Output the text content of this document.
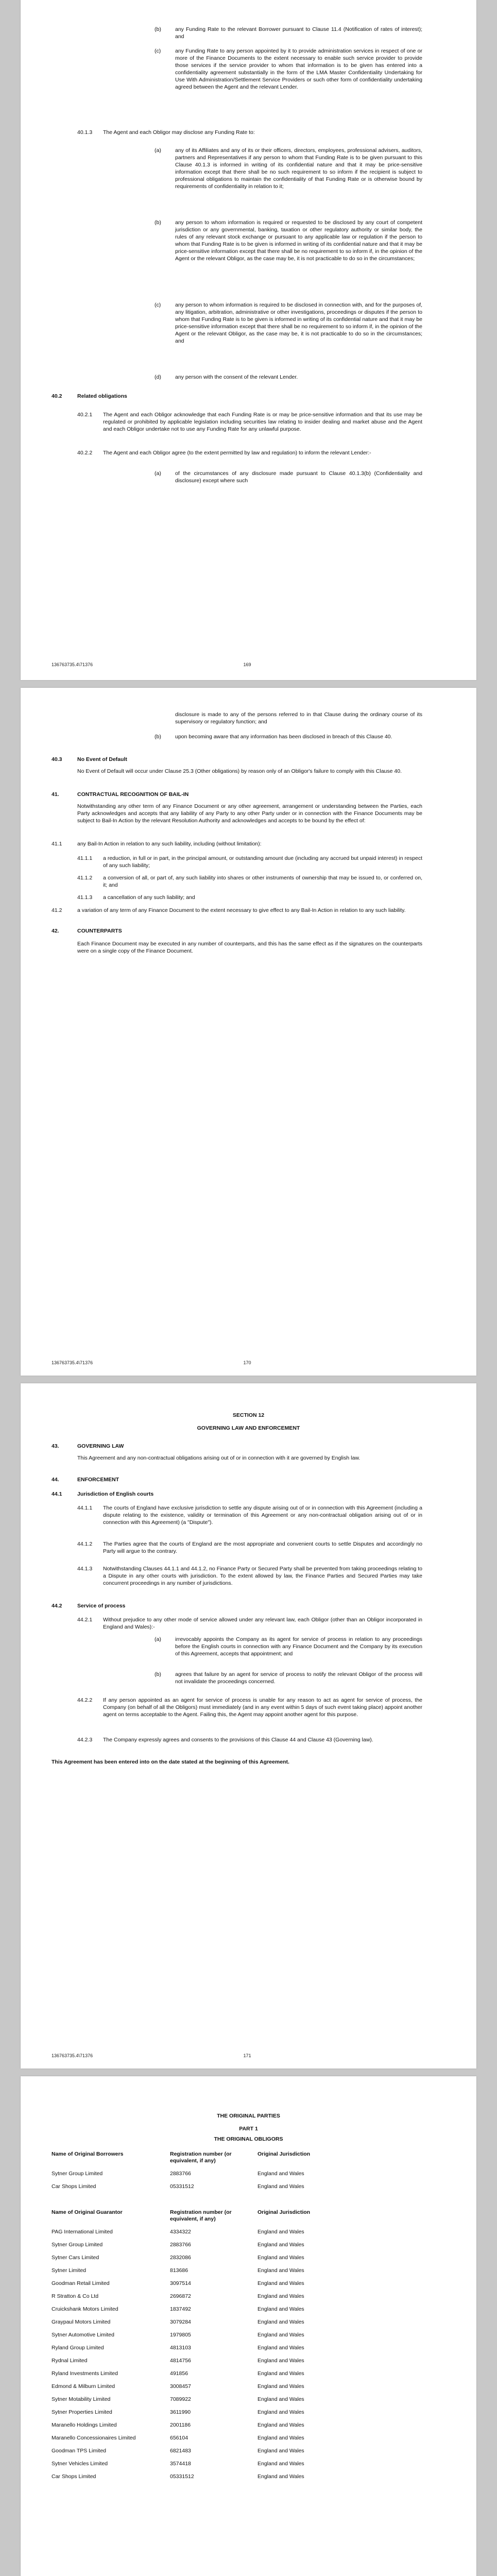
(b)	any Funding Rate to the relevant Borrower pursuant to Clause 11.4 (Notification of rates of interest); and
(c)	any Funding Rate to any person appointed by it to provide administration services in respect of one or more of the Finance Documents to the extent necessary to enable such service provider to provide those services if the service provider to whom that information is to be given has entered into a confidentiality agreement substantially in the form of the LMA Master Confidentiality Undertaking for Use With Administration/Settlement Service Providers or such other form of confidentiality undertaking agreed between the Agent and the relevant Lender.
40.1.3 The Agent and each Obligor may disclose any Funding Rate to:
(a)	any of its Affiliates and any of its or their officers, directors, employees, professional advisers, auditors, partners and Representatives if any person to whom that Funding Rate is to be given pursuant to this Clause 40.1.3 is informed in writing of its confidential nature and that it may be price-sensitive information except that there shall be no such requirement to so inform if the recipient is subject to professional obligations to maintain the confidentiality of that Funding Rate or is otherwise bound by requirements of confidentiality in relation to it;
(b)	any person to whom information is required or requested to be disclosed by any court of competent jurisdiction or any governmental, banking, taxation or other regulatory authority or similar body, the rules of any relevant stock exchange or pursuant to any applicable law or regulation if the person to whom that Funding Rate is to be given is informed in writing of its confidential nature and that it may be price-sensitive information except that there shall be no requirement to so inform if, in the opinion of the Agent or the relevant Obligor, as the case may be, it is not practicable to do so in the circumstances;
(c)	any person to whom information is required to be disclosed in connection with, and for the purposes of, any litigation, arbitration, administrative or other investigations, proceedings or disputes if the person to whom that Funding Rate is to be given is informed in writing of its confidential nature and that it may be price-sensitive information except that there shall be no requirement to so inform if, in the opinion of the Agent or the relevant Obligor, as the case may be, it is not practicable to do so in the circumstances; and
(d)	any person with the consent of the relevant Lender.
40.2	Related obligations
40.2.1 The Agent and each Obligor acknowledge that each Funding Rate is or may be price-sensitive information and that its use may be regulated or prohibited by applicable legislation including securities law relating to insider dealing and market abuse and the Agent and each Obligor undertake not to use any Funding Rate for any unlawful purpose.
40.2.2 The Agent and each Obligor agree (to the extent permitted by law and regulation) to inform the relevant Lender:-
(a)	of the circumstances of any disclosure made pursuant to Clause 40.1.3(b) (Confidentiality and disclosure) except where such
136763735.4\71376	169
disclosure is made to any of the persons referred to in that Clause during the ordinary course of its supervisory or regulatory function; and
(b)	upon becoming aware that any information has been disclosed in breach of this Clause 40.
40.3	No Event of Default
No Event of Default will occur under Clause 25.3 (Other obligations) by reason only of an Obligor's failure to comply with this Clause 40.
41.	CONTRACTUAL RECOGNITION OF BAIL-IN
Notwithstanding any other term of any Finance Document or any other agreement, arrangement or understanding between the Parties, each Party acknowledges and accepts that any liability of any Party to any other Party under or in connection with the Finance Documents may be subject to Bail-In Action by the relevant Resolution Authority and acknowledges and accepts to be bound by the effect of:
41.1	any Bail-In Action in relation to any such liability, including (without limitation):
41.1.1 a reduction, in full or in part, in the principal amount, or outstanding amount due (including any accrued but unpaid interest) in respect of any such liability;
41.1.2 a conversion of all, or part of, any such liability into shares or other instruments of ownership that may be issued to, or conferred on, it; and
41.1.3 a cancellation of any such liability; and
41.2	a variation of any term of any Finance Document to the extent necessary to give effect to any Bail-In Action in relation to any such liability.
42.	COUNTERPARTS
Each Finance Document may be executed in any number of counterparts, and this has the same effect as if the signatures on the counterparts were on a single copy of the Finance Document.
136763735.4\71376	170
SECTION 12
GOVERNING LAW AND ENFORCEMENT
43.	GOVERNING LAW
This Agreement and any non-contractual obligations arising out of or in connection with it are governed by English law.
44.	ENFORCEMENT
44.1	Jurisdiction of English courts
44.1.1 The courts of England have exclusive jurisdiction to settle any dispute arising out of or in connection with this Agreement (including a dispute relating to the existence, validity or termination of this Agreement or any non-contractual obligation arising out of or in connection with this Agreement) (a "Dispute").
44.1.2 The Parties agree that the courts of England are the most appropriate and convenient courts to settle Disputes and accordingly no Party will argue to the contrary.
44.1.3 Notwithstanding Clauses 44.1.1 and 44.1.2, no Finance Party or Secured Party shall be prevented from taking proceedings relating to a Dispute in any other courts with jurisdiction. To the extent allowed by law, the Finance Parties and Secured Parties may take concurrent proceedings in any number of jurisdictions.
44.2	Service of process
44.2.1 Without prejudice to any other mode of service allowed under any relevant law, each Obligor (other than an Obligor incorporated in England and Wales):-
(a)	irrevocably appoints the Company as its agent for service of process in relation to any proceedings before the English courts in connection with any Finance Document and the Company by its execution of this Agreement, accepts that appointment; and
(b)	agrees that failure by an agent for service of process to notify the relevant Obligor of the process will not invalidate the proceedings concerned.
44.2.2 If any person appointed as an agent for service of process is unable for any reason to act as agent for service of process, the Company (on behalf of all the Obligors) must immediately (and in any event within 5 days of such event taking place) appoint another agent on terms acceptable to the Agent. Failing this, the Agent may appoint another agent for this purpose.
44.2.3 The Company expressly agrees and consents to the provisions of this Clause 44 and Clause 43 (Governing law).
This Agreement has been entered into on the date stated at the beginning of this Agreement.
136763735.4\71376	171
THE ORIGINAL PARTIES
PART 1
THE ORIGINAL OBLIGORS
Name of Original Borrowers	Registration number (or equivalent, if any)	Original Jurisdiction
Sytner Group Limited	2883766	England and Wales
Car Shops Limited	05331512	England and Wales
Name of Original Guarantor	Registration number (or equivalent, if any)	Original Jurisdiction
PAG International Limited	4334322	England and Wales
Sytner Group Limited	2883766	England and Wales
Sytner Cars Limited	2832086	England and Wales
Sytner Limited	813686	England and Wales
Goodman Retail Limited	3097514	England and Wales
R Stratton & Co Ltd	2696872	England and Wales
Cruickshank Motors Limited	1837492	England and Wales
Graypaul Motors Limited	3079284	England and Wales
Sytner Automotive Limited	1979805	England and Wales
Ryland Group Limited	4813103	England and Wales
Rydnal Limited	4814756	England and Wales
Ryland Investments Limited	491856	England and Wales
Edmond & Milburn Limited	3008457	England and Wales
Sytner Motability Limited	7089922	England and Wales
Sytner Properties Limited	3611990	England and Wales
Maranello Holdings Limited	2001186	England and Wales
Maranello Concessionaires Limited	656104	England and Wales
Goodman TPS Limited	6821483	England and Wales
Sytner Vehicles Limited	3574418	England and Wales
Car Shops Limited	05331512	England and Wales
